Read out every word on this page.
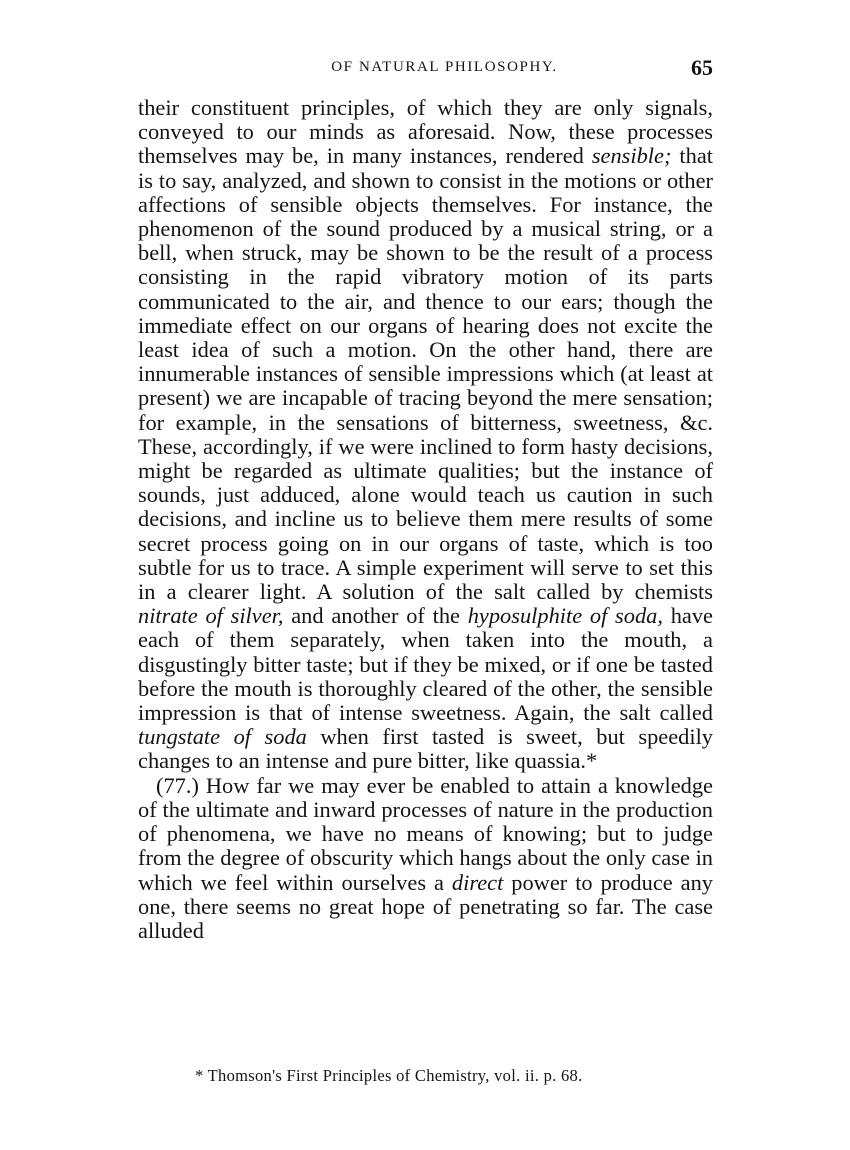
OF NATURAL PHILOSOPHY.	65

their constituent principles, of which they are only signals, conveyed to our minds as aforesaid. Now, these processes themselves may be, in many instances, rendered sensible; that is to say, analyzed, and shown to consist in the motions or other affections of sensible objects themselves. For instance, the phenomenon of the sound produced by a musical string, or a bell, when struck, may be shown to be the result of a process consisting in the rapid vibratory motion of its parts communicated to the air, and thence to our ears; though the immediate effect on our organs of hearing does not excite the least idea of such a motion. On the other hand, there are innumerable instances of sensible impressions which (at least at present) we are incapable of tracing beyond the mere sensation; for example, in the sensations of bitterness, sweetness, &c. These, accordingly, if we were inclined to form hasty decisions, might be regarded as ultimate qualities; but the instance of sounds, just adduced, alone would teach us caution in such decisions, and incline us to believe them mere results of some secret process going on in our organs of taste, which is too subtle for us to trace. A simple experiment will serve to set this in a clearer light. A solution of the salt called by chemists nitrate of silver, and another of the hyposulphite of soda, have each of them separately, when taken into the mouth, a disgustingly bitter taste; but if they be mixed, or if one be tasted before the mouth is thoroughly cleared of the other, the sensible impression is that of intense sweetness. Again, the salt called tungstate of soda when first tasted is sweet, but speedily changes to an intense and pure bitter, like quassia.*

(77.) How far we may ever be enabled to attain a knowledge of the ultimate and inward processes of nature in the production of phenomena, we have no means of knowing; but to judge from the degree of obscurity which hangs about the only case in which we feel within ourselves a direct power to produce any one, there seems no great hope of penetrating so far. The case alluded

* Thomson's First Principles of Chemistry, vol. ii. p. 68.
